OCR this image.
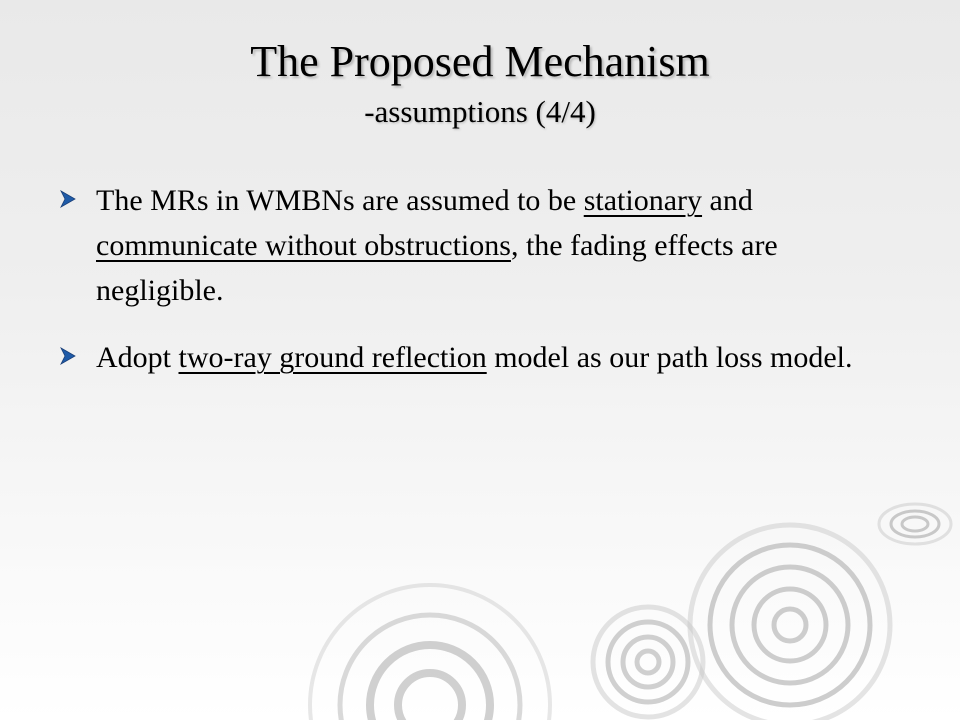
The Proposed Mechanism
-assumptions (4/4)
The MRs in WMBNs are assumed to be stationary and communicate without obstructions, the fading effects are negligible.
Adopt two-ray ground reflection model as our path loss model.
